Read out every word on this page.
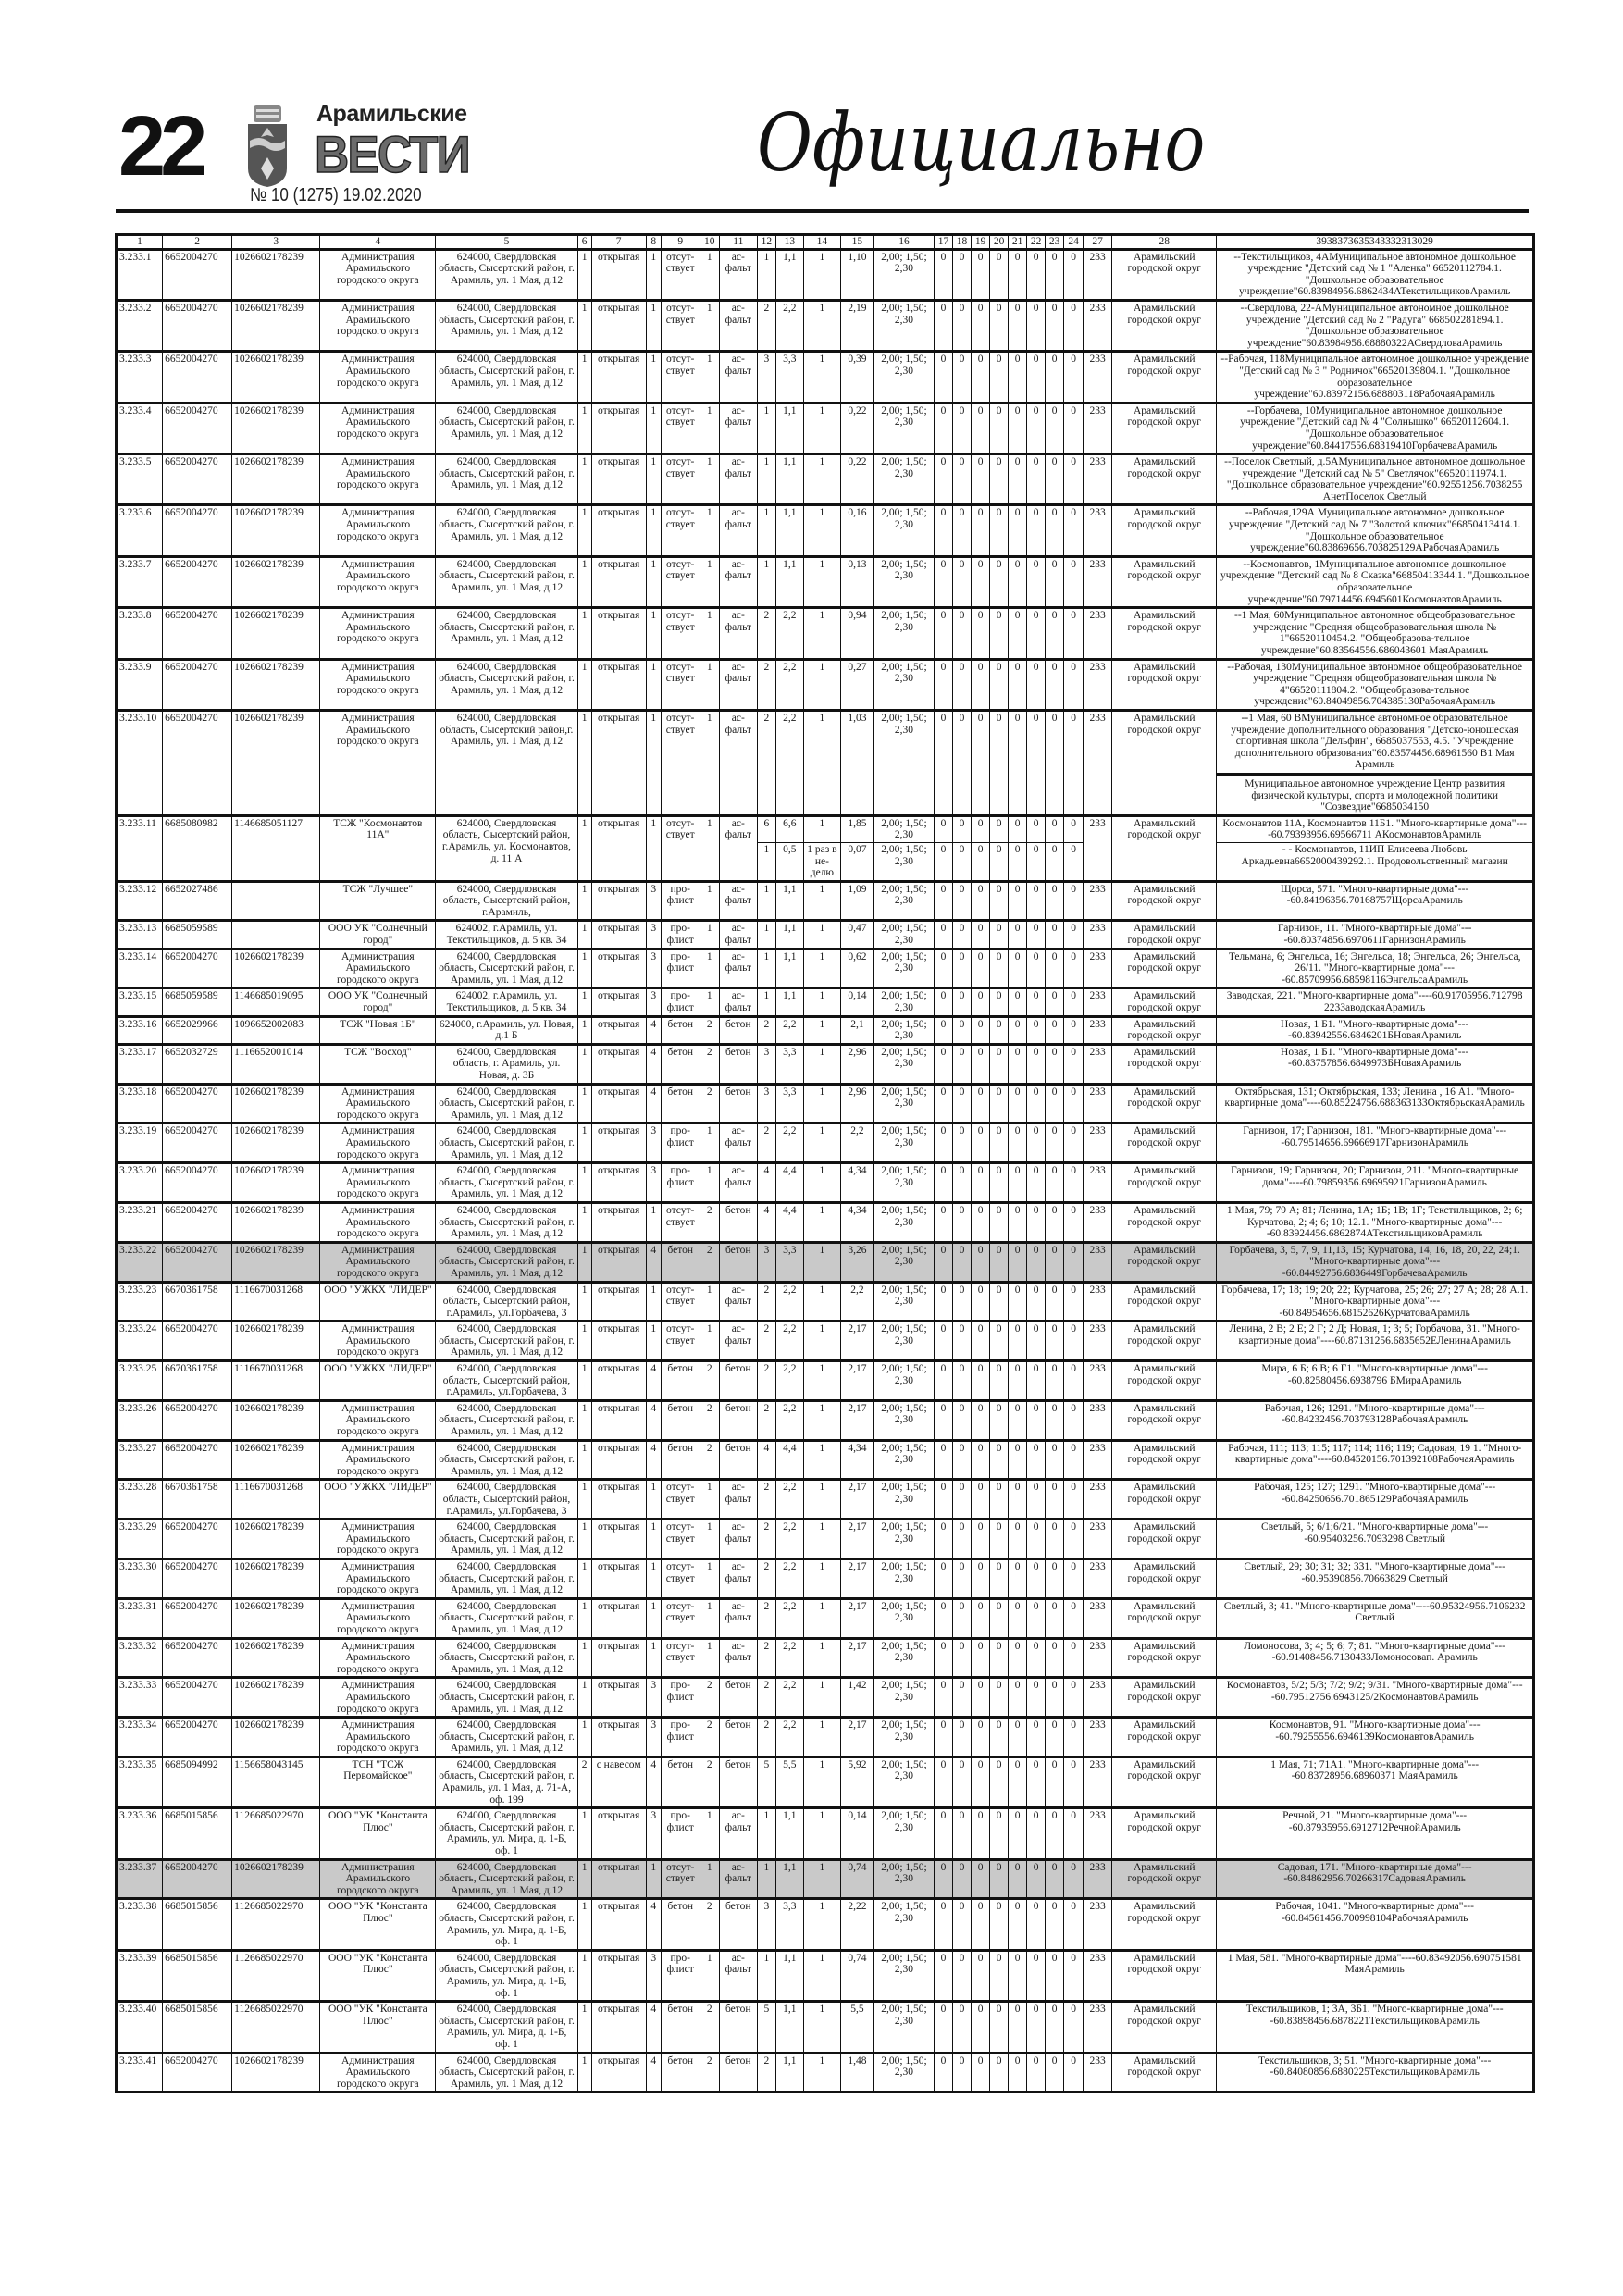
22	Арамильские
ВЕСТИ
№ 10 (1275) 19.02.2020
Официально
1	2	3	4	5	6	7	8	9	10	11	12	13	14	15	16	17	18	19	20	21	22	23	24	27	28	3938373635343332313029
3.233.1	6652004270	1026602178239	Администрация Арамильского городского округа	624000, Свердловская область, Сысертский район, г. Арамиль, ул. 1 Мая, д.12	1	открытая	1	отсутствует	1	асфальт	1	1,1	1	1,10	2,00; 1,50; 2,30	0	0	0	0	0	0	0	0	233	Арамильский городской округ	--Текстильщиков, 4АМуниципальное автономное дошкольное учреждение "Детский сад № 1 "Аленка" 66520112784.1. "Дошкольное образовательное учреждение"60.83984956.6862434АТекстильщиковАрамиль

3.233.2	6652004270	1026602178239	Администрация Арамильского городского округа	624000, Свердловская область, Сысертский район, г. Арамиль, ул. 1 Мая, д.12	1	открытая	1	отсутствует	1	асфальт	2	2,2	1	2,19	2,00; 1,50; 2,30	0	0	0	0	0	0	0	0	233	Арамильский городской округ	--Свердлова, 22-АМуниципальное автономное дошкольное учреждение "Детский сад № 2 "Радуга" 668502281894.1. "Дошкольное образовательное учреждение"60.83984956.68880322АСвердловаАрамиль

3.233.3	6652004270	1026602178239	Администрация Арамильского городского округа	624000, Свердловская область, Сысертский район, г. Арамиль, ул. 1 Мая, д.12	1	открытая	1	отсутствует	1	асфальт	3	3,3	1	0,39	2,00; 1,50; 2,30	0	0	0	0	0	0	0	0	233	Арамильский городской округ	--Рабочая, 118Муниципальное автономное дошкольное учреждение "Детский сад № 3 " Родничок"66520139804.1. "Дошкольное образовательное учреждение"60.83972156.688803118РабочаяАрамиль

3.233.4	6652004270	1026602178239	Администрация Арамильского городского округа	624000, Свердловская область, Сысертский район, г. Арамиль, ул. 1 Мая, д.12	1	открытая	1	отсутствует	1	асфальт	1	1,1	1	0,22	2,00; 1,50; 2,30	0	0	0	0	0	0	0	0	233	Арамильский городской округ	--Горбачева, 10Муниципальное автономное дошкольное учреждение "Детский сад № 4 "Солнышко" 66520112604.1. "Дошкольное образовательное учреждение"60.84417556.68319410ГорбачеваАрамиль

3.233.5	6652004270	1026602178239	Администрация Арамильского городского округа	624000, Свердловская область, Сысертский район, г. Арамиль, ул. 1 Мая, д.12	1	открытая	1	отсутствует	1	асфальт	1	1,1	1	0,22	2,00; 1,50; 2,30	0	0	0	0	0	0	0	0	233	Арамильский городской округ	--Поселок Светлый, д.5АМуниципальное автономное дошкольное учреждение "Детский сад № 5" Светлячок"66520111974.1. "Дошкольное образовательное учреждение"60.92551256.7038255 АнетПоселок Светлый

3.233.6	6652004270	1026602178239	Администрация Арамильского городского округа	624000, Свердловская область, Сысертский район, г. Арамиль, ул. 1 Мая, д.12	1	открытая	1	отсутствует	1	асфальт	1	1,1	1	0,16	2,00; 1,50; 2,30	0	0	0	0	0	0	0	0	233	Арамильский городской округ	--Рабочая,129А Муниципальное автономное дошкольное учреждение "Детский сад № 7 "Золотой ключик"66850413414.1. "Дошкольное образовательное учреждение"60.83869656.703825129АРабочаяАрамиль

3.233.7	6652004270	1026602178239	Администрация Арамильского городского округа	624000, Свердловская область, Сысертский район, г. Арамиль, ул. 1 Мая, д.12	1	открытая	1	отсутствует	1	асфальт	1	1,1	1	0,13	2,00; 1,50; 2,30	0	0	0	0	0	0	0	0	233	Арамильский городской округ	--Космонавтов, 1Муниципальное автономное дошкольное учреждение "Детский сад № 8 Сказка"66850413344.1. "Дошкольное образовательное учреждение"60.79714456.6945601КосмонавтовАрамиль

3.233.8	6652004270	1026602178239	Администрация Арамильского городского округа	624000, Свердловская область, Сысертский район, г. Арамиль, ул. 1 Мая, д.12	1	открытая	1	отсутствует	1	асфальт	2	2,2	1	0,94	2,00; 1,50; 2,30	0	0	0	0	0	0	0	0	233	Арамильский городской округ	--1 Мая, 60Муниципальное автономное общеобразовательное учреждение "Средняя общеобразовательная школа № 1"66520110454.2. "Общеобразова-тельное учреждение"60.83564556.686043601 МаяАрамиль

3.233.9	6652004270	1026602178239	Администрация Арамильского городского округа	624000, Свердловская область, Сысертский район, г. Арамиль, ул. 1 Мая, д.12	1	открытая	1	отсутствует	1	асфальт	2	2,2	1	0,27	2,00; 1,50; 2,30	0	0	0	0	0	0	0	0	233	Арамильский городской округ	--Рабочая, 130Муниципальное автономное общеобразовательное учреждение "Средняя общеобразовательная школа № 4"66520111804.2. "Общеобразова-тельное учреждение"60.84049856.704385130РабочаяАрамиль

3.233.10	6652004270	1026602178239	Администрация Арамильского городского округа	624000, Свердловская область, Сысертский район,г. Арамиль, ул. 1 Мая, д.12	1	открытая	1	отсутствует	1	асфальт	2	2,2	1	1,03	2,00; 1,50; 2,30	0	0	0	0	0	0	0	0	233	Арамильский городской округ	--1 Мая, 60 ВМуниципальное автономное образовательное учреждение дополнительного образования "Детско-юношеская спортивная школа "Дельфин", 6685037553, 4.5. "Учреждение дополнительного образования"60.83574456.68961560 В1 Мая Арамиль
Муниципальное автономное учреждение Центр развития физической культуры, спорта и молодежной политики "Созвездие"6685034150

3.233.11	6685080982	1146685051127	ТСЖ "Космонавтов 11А"	624000, Свердловская область, Сысертский район, г.Арамиль, ул. Космонавтов, д. 11 А	1	открытая	1	отсутствует	1	асфальт	6	6,6	1	1,85	2,00; 1,50; 2,30	0	0	0	0	0	0	0	0	233	Арамильский городской округ	Космонавтов 11А, Космонавтов 11Б1. "Много-квартирные дома"----60.79393956.69566711 АКосмонавтовАрамиль

											1	0,5	1 раз в неделю	0,07	2,00; 1,50; 2,30	0	0	0	0	0	0	0	0			- - Космонавтов, 11ИП Елисеева Любовь Аркадьевна6652000439292.1. Продовольственный магазин

3.233.12	6652027486		ТСЖ "Лучшее"	624000, Свердловская область, Сысертский район, г.Арамиль,	1	открытая	3	профлист	1	асфальт	1	1,1	1	1,09	2,00; 1,50; 2,30	0	0	0	0	0	0	0	0	233	Арамильский городской округ	Щорса, 571. "Много-квартирные дома"----60.84196356.70168757ЩорсаАрамиль

3.233.13	6685059589		ООО УК "Солнечный город"	624002, г.Арамиль, ул. Текстильщиков, д. 5 кв. 34	1	открытая	3	профлист	1	асфальт	1	1,1	1	0,47	2,00; 1,50; 2,30	0	0	0	0	0	0	0	0	233	Арамильский городской округ	Гарнизон, 11. "Много-квартирные дома"----60.80374856.6970611ГарнизонАрамиль

3.233.14	6652004270	1026602178239	Администрация Арамильского городского округа	624000, Свердловская область, Сысертский район, г. Арамиль, ул. 1 Мая, д.12	1	открытая	3	профлист	1	асфальт	1	1,1	1	0,62	2,00; 1,50; 2,30	0	0	0	0	0	0	0	0	233	Арамильский городской округ	Тельмана, 6; Энгельса, 16; Энгельса, 18; Энгельса, 26; Энгельса, 26/11. "Много-квартирные дома"----60.85709956.68598116ЭнгельсаАрамиль

3.233.15	6685059589	1146685019095	ООО УК "Солнечный город"	624002, г.Арамиль, ул. Текстильщиков, д. 5 кв. 34	1	открытая	3	профлист	1	асфальт	1	1,1	1	0,14	2,00; 1,50; 2,30	0	0	0	0	0	0	0	0	233	Арамильский городской округ	Заводская, 221. "Много-квартирные дома"----60.91705956.712798 223ЗаводскаяАрамиль

3.233.16	6652029966	1096652002083	ТСЖ "Новая 1Б"	624000, г.Арамиль, ул. Новая, д.1 Б	1	открытая	4	бетон	2	бетон	2	2,2	1	2,1	2,00; 1,50; 2,30	0	0	0	0	0	0	0	0	233	Арамильский городской округ	Новая, 1 Б1. "Много-квартирные дома"----60.83942556.6846201БНоваяАрамиль

3.233.17	6652032729	1116652001014	ТСЖ "Восход"	624000, Свердловская область, г. Арамиль, ул. Новая, д. 3Б	1	открытая	4	бетон	2	бетон	3	3,3	1	2,96	2,00; 1,50; 2,30	0	0	0	0	0	0	0	0	233	Арамильский городской округ	Новая, 1 Б1. "Много-квартирные дома"----60.83757856.6849973БНоваяАрамиль

3.233.18	6652004270	1026602178239	Администрация Арамильского городского округа	624000, Свердловская область, Сысертский район, г. Арамиль, ул. 1 Мая, д.12	1	открытая	4	бетон	2	бетон	3	3,3	1	2,96	2,00; 1,50; 2,30	0	0	0	0	0	0	0	0	233	Арамильский городской округ	Октябрьская, 131; Октябрьская, 133; Ленина , 16 А1. "Много-квартирные дома"----60.85224756.688363133ОктябрьскаяАрамиль

3.233.19	6652004270	1026602178239	Администрация Арамильского городского округа	624000, Свердловская область, Сысертский район, г. Арамиль, ул. 1 Мая, д.12	1	открытая	3	профлист	1	асфальт	2	2,2	1	2,2	2,00; 1,50; 2,30	0	0	0	0	0	0	0	0	233	Арамильский городской округ	Гарнизон, 17; Гарнизон, 181. "Много-квартирные дома"----60.79514656.69666917ГарнизонАрамиль

3.233.20	6652004270	1026602178239	Администрация Арамильского городского округа	624000, Свердловская область, Сысертский район, г. Арамиль, ул. 1 Мая, д.12	1	открытая	3	профлист	1	асфальт	4	4,4	1	4,34	2,00; 1,50; 2,30	0	0	0	0	0	0	0	0	233	Арамильский городской округ	Гарнизон, 19; Гарнизон, 20; Гарнизон, 211. "Много-квартирные дома"----60.79859356.69695921ГарнизонАрамиль

3.233.21	6652004270	1026602178239	Администрация Арамильского городского округа	624000, Свердловская область, Сысертский район, г. Арамиль, ул. 1 Мая, д.12	1	открытая	1	отсутствует	2	бетон	4	4,4	1	4,34	2,00; 1,50; 2,30	0	0	0	0	0	0	0	0	233	Арамильский городской округ	1 Мая, 79; 79 А; 81; Ленина, 1А; 1Б; 1В; 1Г; Текстильщиков, 2; 6; Курчатова, 2; 4; 6; 10; 12.1. "Много-квартирные дома"----60.83924456.6862874АТекстильщиковАрамиль

3.233.22	6652004270	1026602178239	Администрация Арамильского городского округа	624000, Свердловская область, Сысертский район, г. Арамиль, ул. 1 Мая, д.12	1	открытая	4	бетон	2	бетон	3	3,3	1	3,26	2,00; 1,50; 2,30	0	0	0	0	0	0	0	0	233	Арамильский городской округ	Горбачева, 3, 5, 7, 9, 11,13, 15; Курчатова, 14, 16, 18, 20, 22, 24;1. "Много-квартирные дома"----60.84492756.6836449ГорбачеваАрамиль

3.233.23	6670361758	1116670031268	ООО "УЖКХ "ЛИДЕР"	624000, Свердловская область, Сысертский район, г.Арамиль, ул.Горбачева, 3	1	открытая	1	отсутствует	1	асфальт	2	2,2	1	2,2	2,00; 1,50; 2,30	0	0	0	0	0	0	0	0	233	Арамильский городской округ	Горбачева, 17; 18; 19; 20; 22; Курчатова, 25; 26; 27; 27 А; 28; 28 А.1. "Много-квартирные дома"----60.84954656.68152626КурчатоваАрамиль

3.233.24	6652004270	1026602178239	Администрация Арамильского городского округа	624000, Свердловская область, Сысертский район, г. Арамиль, ул. 1 Мая, д.12	1	открытая	1	отсутствует	1	асфальт	2	2,2	1	2,17	2,00; 1,50; 2,30	0	0	0	0	0	0	0	0	233	Арамильский городской округ	Ленина, 2 В; 2 Е; 2 Г; 2 Д; Новая, 1; 3; 5; Горбачова, 31. "Много-квартирные дома"----60.87131256.6835652ЕЛенинаАрамиль

3.233.25	6670361758	1116670031268	ООО "УЖКХ "ЛИДЕР"	624000, Свердловская область, Сысертский район, г.Арамиль, ул.Горбачева, 3	1	открытая	4	бетон	2	бетон	2	2,2	1	2,17	2,00; 1,50; 2,30	0	0	0	0	0	0	0	0	233	Арамильский городской округ	Мира, 6 Б; 6 В; 6 Г1. "Много-квартирные дома"----60.82580456.6938796 БМираАрамиль

3.233.26	6652004270	1026602178239	Администрация Арамильского городского округа	624000, Свердловская область, Сысертский район, г. Арамиль, ул. 1 Мая, д.12	1	открытая	4	бетон	2	бетон	2	2,2	1	2,17	2,00; 1,50; 2,30	0	0	0	0	0	0	0	0	233	Арамильский городской округ	Рабочая, 126; 1291. "Много-квартирные дома"----60.84232456.703793128РабочаяАрамиль

3.233.27	6652004270	1026602178239	Администрация Арамильского городского округа	624000, Свердловская область, Сысертский район, г. Арамиль, ул. 1 Мая, д.12	1	открытая	4	бетон	2	бетон	4	4,4	1	4,34	2,00; 1,50; 2,30	0	0	0	0	0	0	0	0	233	Арамильский городской округ	Рабочая, 111; 113; 115; 117; 114; 116; 119; Садовая, 19 1. "Много-квартирные дома"----60.84520156.701392108РабочаяАрамиль

3.233.28	6670361758	1116670031268	ООО "УЖКХ "ЛИДЕР"	624000, Свердловская область, Сысертский район, г.Арамиль, ул.Горбачева, 3	1	открытая	1	отсутствует	1	асфальт	2	2,2	1	2,17	2,00; 1,50; 2,30	0	0	0	0	0	0	0	0	233	Арамильский городской округ	Рабочая, 125; 127; 1291. "Много-квартирные дома"----60.84250656.701865129РабочаяАрамиль

3.233.29	6652004270	1026602178239	Администрация Арамильского городского округа	624000, Свердловская область, Сысертский район, г. Арамиль, ул. 1 Мая, д.12	1	открытая	1	отсутствует	1	асфальт	2	2,2	1	2,17	2,00; 1,50; 2,30	0	0	0	0	0	0	0	0	233	Арамильский городской округ	Светлый, 5; 6/1;6/21. "Много-квартирные дома"----60.95403256.7093298 Светлый

3.233.30	6652004270	1026602178239	Администрация Арамильского городского округа	624000, Свердловская область, Сысертский район, г. Арамиль, ул. 1 Мая, д.12	1	открытая	1	отсутствует	1	асфальт	2	2,2	1	2,17	2,00; 1,50; 2,30	0	0	0	0	0	0	0	0	233	Арамильский городской округ	Светлый, 29; 30; 31; 32; 331. "Много-квартирные дома"----60.95390856.70663829 Светлый

3.233.31	6652004270	1026602178239	Администрация Арамильского городского округа	624000, Свердловская область, Сысертский район, г. Арамиль, ул. 1 Мая, д.12	1	открытая	1	отсутствует	1	асфальт	2	2,2	1	2,17	2,00; 1,50; 2,30	0	0	0	0	0	0	0	0	233	Арамильский городской округ	Светлый, 3; 41. "Много-квартирные дома"----60.95324956.7106232 Светлый

3.233.32	6652004270	1026602178239	Администрация Арамильского городского округа	624000, Свердловская область, Сысертский район, г. Арамиль, ул. 1 Мая, д.12	1	открытая	1	отсутствует	1	асфальт	2	2,2	1	2,17	2,00; 1,50; 2,30	0	0	0	0	0	0	0	0	233	Арамильский городской округ	Ломоносова, 3; 4; 5; 6; 7; 81. "Много-квартирные дома"----60.91408456.7130433Ломоносовап. Арамиль

3.233.33	6652004270	1026602178239	Администрация Арамильского городского округа	624000, Свердловская область, Сысертский район, г. Арамиль, ул. 1 Мая, д.12	1	открытая	3	профлист	2	бетон	2	2,2	1	1,42	2,00; 1,50; 2,30	0	0	0	0	0	0	0	0	233	Арамильский городской округ	Космонавтов, 5/2; 5/3; 7/2; 9/2; 9/31. "Много-квартирные дома"----60.79512756.6943125/2КосмонавтовАрамиль

3.233.34	6652004270	1026602178239	Администрация Арамильского городского округа	624000, Свердловская область, Сысертский район, г. Арамиль, ул. 1 Мая, д.12	1	открытая	3	профлист	2	бетон	2	2,2	1	2,17	2,00; 1,50; 2,30	0	0	0	0	0	0	0	0	233	Арамильский городской округ	Космонавтов, 91. "Много-квартирные дома"----60.79255556.6946139КосмонавтовАрамиль

3.233.35	6685094992	1156658043145	ТСН "ТСЖ Первомайское"	624000, Свердловская область, Сысертский район, г. Арамиль, ул. 1 Мая, д. 71-А, оф. 199	2	с навесом	4	бетон	2	бетон	5	5,5	1	5,92	2,00; 1,50; 2,30	0	0	0	0	0	0	0	0	233	Арамильский городской округ	1 Мая, 71; 71А1. "Много-квартирные дома"----60.83728956.68960371 МаяАрамиль

3.233.36	6685015856	1126685022970	ООО "УК "Константа Плюс"	624000, Свердловская область, Сысертский район, г. Арамиль, ул. Мира, д. 1-Б, оф. 1	1	открытая	3	профлист	1	асфальт	1	1,1	1	0,14	2,00; 1,50; 2,30	0	0	0	0	0	0	0	0	233	Арамильский городской округ	Речной, 21. "Много-квартирные дома"----60.87935956.6912712РечнойАрамиль

3.233.37	6652004270	1026602178239	Администрация Арамильского городского округа	624000, Свердловская область, Сысертский район, г. Арамиль, ул. 1 Мая, д.12	1	открытая	1	отсутствует	1	асфальт	1	1,1	1	0,74	2,00; 1,50; 2,30	0	0	0	0	0	0	0	0	233	Арамильский городской округ	Садовая, 171. "Много-квартирные дома"----60.84862956.70266317СадоваяАрамиль

3.233.38	6685015856	1126685022970	ООО "УК "Константа Плюс"	624000, Свердловская область, Сысертский район, г. Арамиль, ул. Мира, д. 1-Б, оф. 1	1	открытая	4	бетон	2	бетон	3	3,3	1	2,22	2,00; 1,50; 2,30	0	0	0	0	0	0	0	0	233	Арамильский городской округ	Рабочая, 1041. "Много-квартирные дома"----60.84561456.700998104РабочаяАрамиль

3.233.39	6685015856	1126685022970	ООО "УК "Константа Плюс"	624000, Свердловская область, Сысертский район, г. Арамиль, ул. Мира, д. 1-Б, оф. 1	1	открытая	3	профлист	1	асфальт	1	1,1	1	0,74	2,00; 1,50; 2,30	0	0	0	0	0	0	0	0	233	Арамильский городской округ	1 Мая, 581. "Много-квартирные дома"----60.83492056.690751581 МаяАрамиль

3.233.40	6685015856	1126685022970	ООО "УК "Константа Плюс"	624000, Свердловская область, Сысертский район, г. Арамиль, ул. Мира, д. 1-Б, оф. 1	1	открытая	4	бетон	2	бетон	5	1,1	1	5,5	2,00; 1,50; 2,30	0	0	0	0	0	0	0	0	233	Арамильский городской округ	Текстильщиков, 1; 3А, 3Б1. "Много-квартирные дома"----60.83898456.6878221ТекстильщиковАрамиль

3.233.41	6652004270	1026602178239	Администрация Арамильского городского округа	624000, Свердловская область, Сысертский район, г. Арамиль, ул. 1 Мая, д.12	1	открытая	4	бетон	2	бетон	2	1,1	1	1,48	2,00; 1,50; 2,30	0	0	0	0	0	0	0	0	233	Арамильский городской округ	Текстильщиков, 3; 51. "Много-квартирные дома"----60.84080856.6880225ТекстильщиковАрамиль
